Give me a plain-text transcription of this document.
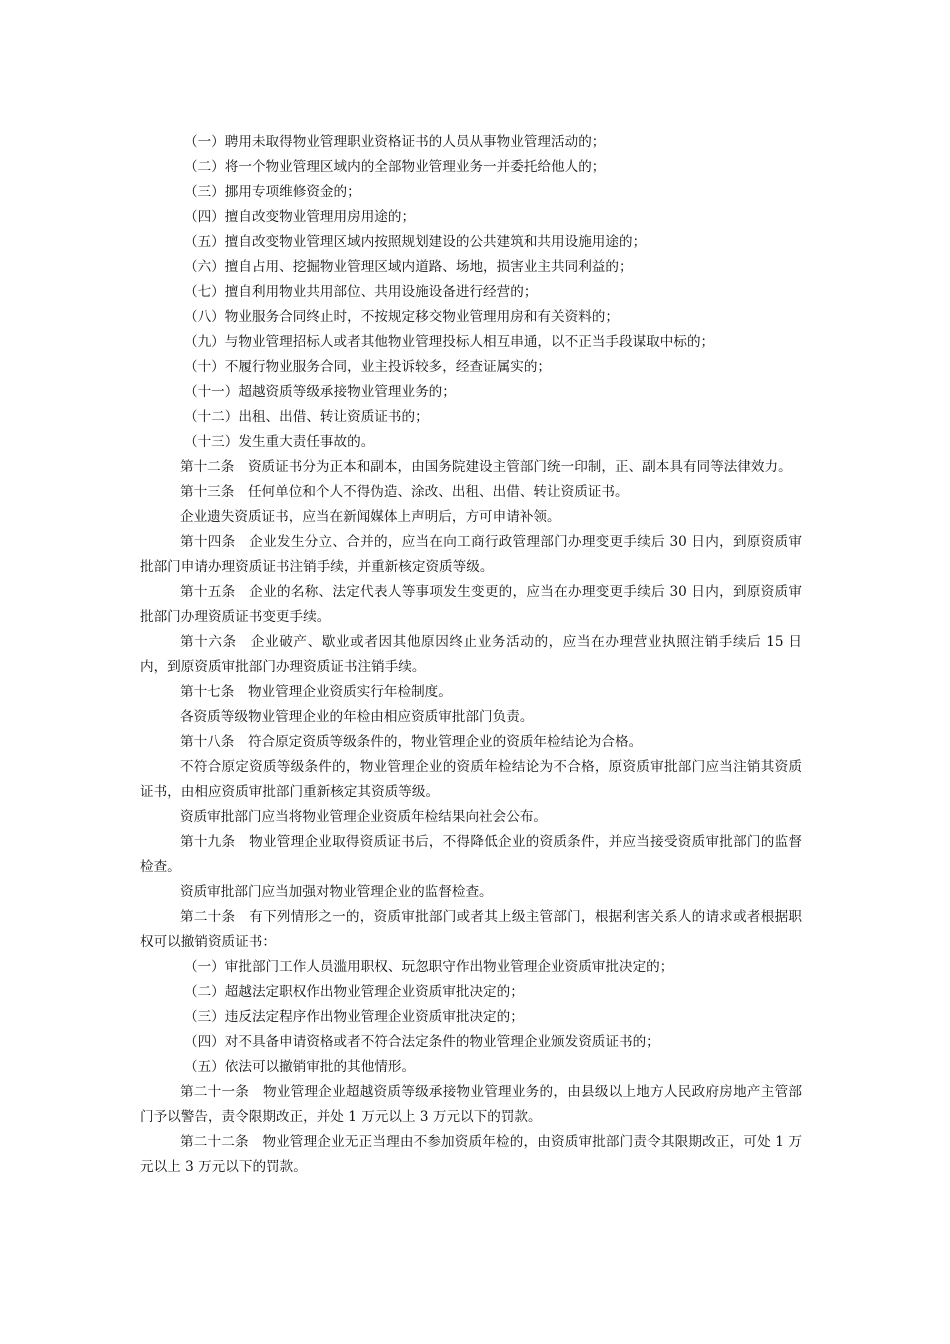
（一）聘用未取得物业管理职业资格证书的人员从事物业管理活动的；

（二）将一个物业管理区域内的全部物业管理业务一并委托给他人的；

（三）挪用专项维修资金的；

（四）擅自改变物业管理用房用途的；

（五）擅自改变物业管理区域内按照规划建设的公共建筑和共用设施用途的；

（六）擅自占用、挖掘物业管理区域内道路、场地，损害业主共同利益的；

（七）擅自利用物业共用部位、共用设施设备进行经营的；

（八）物业服务合同终止时，不按规定移交物业管理用房和有关资料的；

（九）与物业管理招标人或者其他物业管理投标人相互串通，以不正当手段谋取中标的；

（十）不履行物业服务合同，业主投诉较多，经查证属实的；

（十一）超越资质等级承接物业管理业务的；

（十二）出租、出借、转让资质证书的；

（十三）发生重大责任事故的。

第十二条　资质证书分为正本和副本，由国务院建设主管部门统一印制，正、副本具有同等法律效力。

第十三条　任何单位和个人不得伪造、涂改、出租、出借、转让资质证书。

企业遗失资质证书，应当在新闻媒体上声明后，方可申请补领。

第十四条　企业发生分立、合并的，应当在向工商行政管理部门办理变更手续后 30 日内，到原资质审批部门申请办理资质证书注销手续，并重新核定资质等级。

第十五条　企业的名称、法定代表人等事项发生变更的，应当在办理变更手续后 30 日内，到原资质审批部门办理资质证书变更手续。

第十六条　企业破产、歇业或者因其他原因终止业务活动的，应当在办理营业执照注销手续后 15 日内，到原资质审批部门办理资质证书注销手续。

第十七条　物业管理企业资质实行年检制度。

各资质等级物业管理企业的年检由相应资质审批部门负责。

第十八条　符合原定资质等级条件的，物业管理企业的资质年检结论为合格。

不符合原定资质等级条件的，物业管理企业的资质年检结论为不合格，原资质审批部门应当注销其资质证书，由相应资质审批部门重新核定其资质等级。

资质审批部门应当将物业管理企业资质年检结果向社会公布。

第十九条　物业管理企业取得资质证书后，不得降低企业的资质条件，并应当接受资质审批部门的监督检查。

资质审批部门应当加强对物业管理企业的监督检查。

第二十条　有下列情形之一的，资质审批部门或者其上级主管部门，根据利害关系人的请求或者根据职权可以撤销资质证书：

（一）审批部门工作人员滥用职权、玩忽职守作出物业管理企业资质审批决定的；

（二）超越法定职权作出物业管理企业资质审批决定的；

（三）违反法定程序作出物业管理企业资质审批决定的；

（四）对不具备申请资格或者不符合法定条件的物业管理企业颁发资质证书的；

（五）依法可以撤销审批的其他情形。

第二十一条　物业管理企业超越资质等级承接物业管理业务的，由县级以上地方人民政府房地产主管部门予以警告，责令限期改正，并处 1 万元以上 3 万元以下的罚款。

第二十二条　物业管理企业无正当理由不参加资质年检的，由资质审批部门责令其限期改正，可处 1 万元以上 3 万元以下的罚款。
